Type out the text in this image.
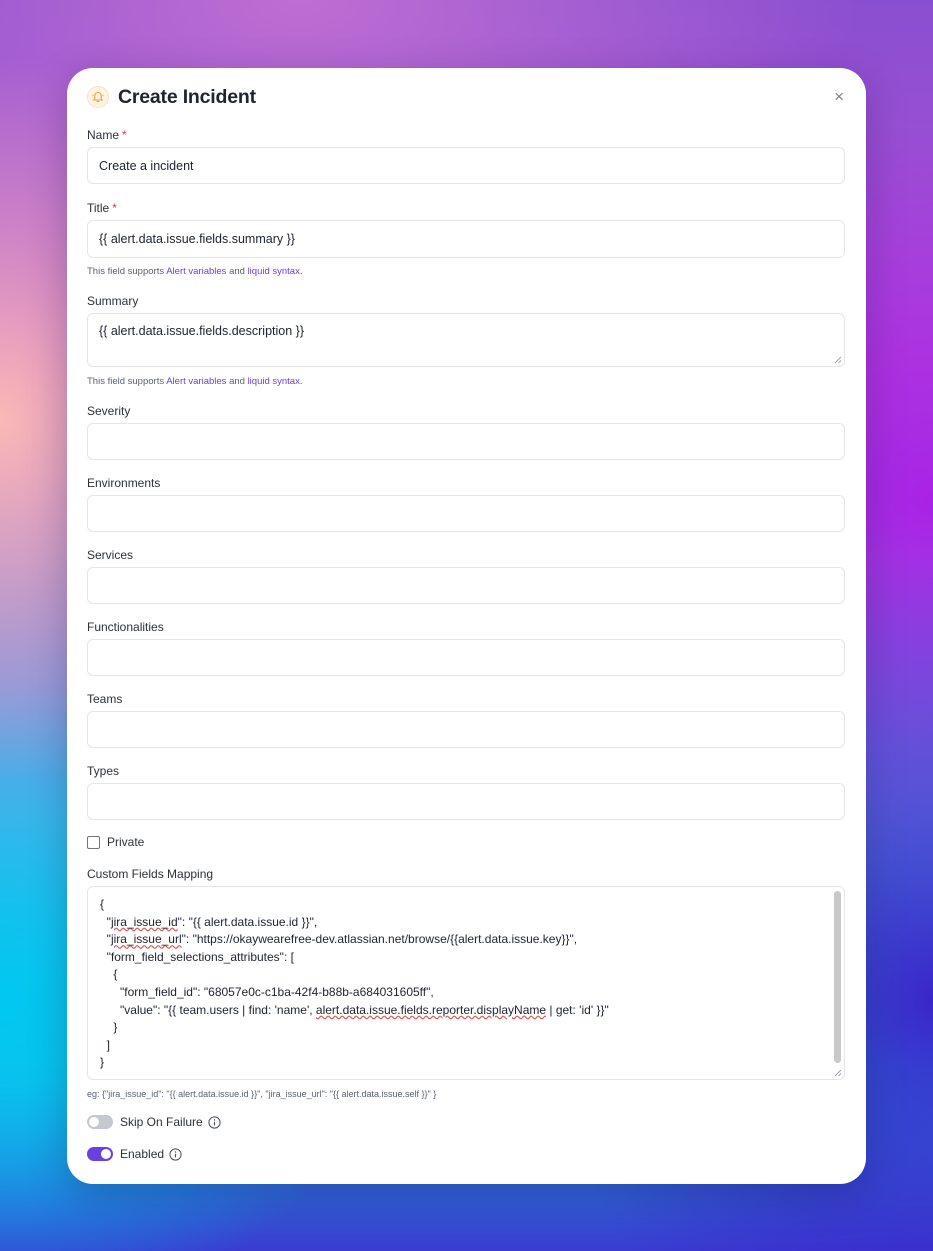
Create Incident	×
Name *
Create a incident
Title *
{{ alert.data.issue.fields.summary }}
This field supports Alert variables and liquid syntax.
Summary
{{ alert.data.issue.fields.description }}
This field supports Alert variables and liquid syntax.
Severity
Environments
Services
Functionalities
Teams
Types
Private
Custom Fields Mapping
{
"jira_issue_id": "{{ alert.data.issue.id }}",
"jira_issue_url": "https://okaywearefree-dev.atlassian.net/browse/{{alert.data.issue.key}}",
"form_field_selections_attributes": [
{
"form_field_id": "68057e0c-c1ba-42f4-b88b-a684031605ff",
"value": "{{ team.users | find: 'name', alert.data.issue.fields.reporter.displayName | get: 'id' }}"
}
]
}
eg: {"jira_issue_id": "{{ alert.data.issue.id }}", "jira_issue_url": "{{ alert.data.issue.self }}" }
Skip On Failure
Enabled
